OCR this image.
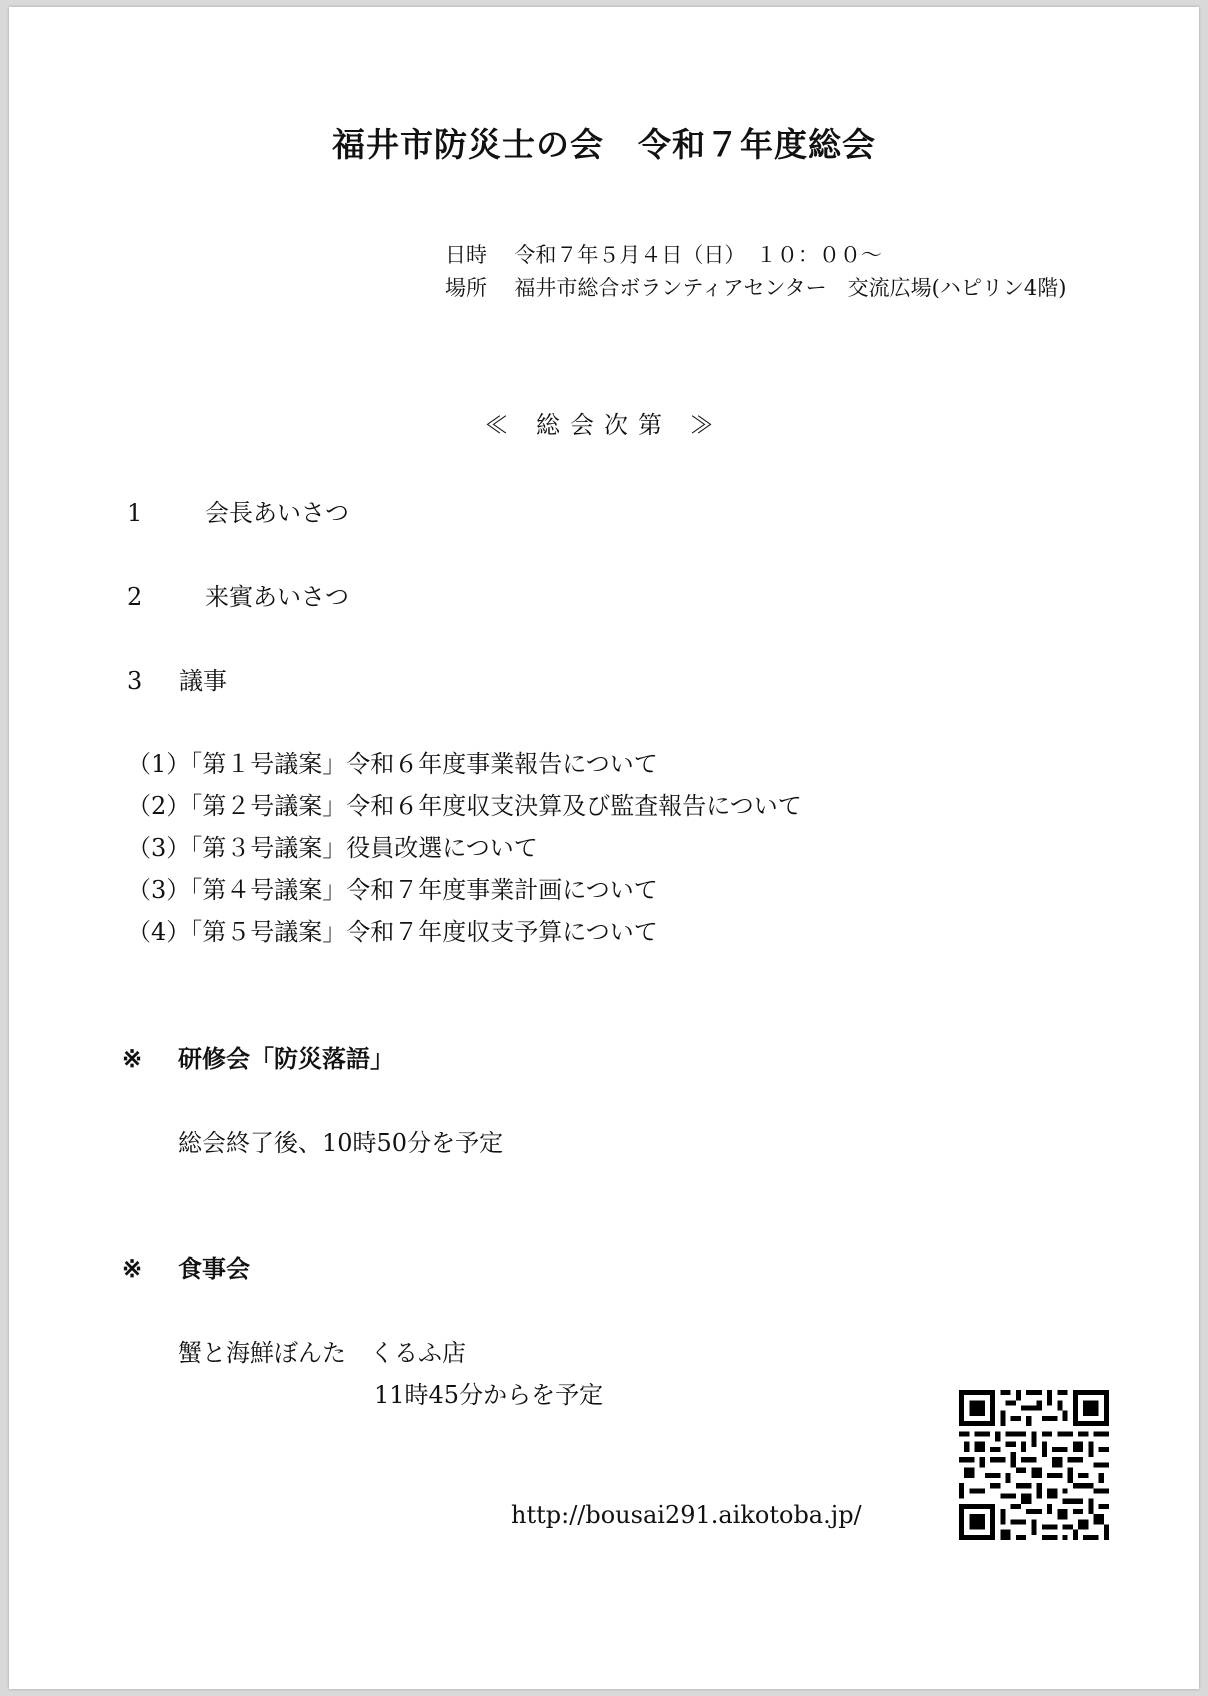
福井市防災士の会　令和７年度総会
日時 令和７年５月４日（日）　１０：００～
場所 福井市総合ボランティアセンター　交流広場(ハピリン4階)
≪ 総会次第 ≫
1	会長あいさつ
2	来賓あいさつ
3 議事
（1）「第１号議案」令和６年度事業報告について
（2）「第２号議案」令和６年度収支決算及び監査報告について
（3）「第３号議案」役員改選について
（3）「第４号議案」令和７年度事業計画について
（4）「第５号議案」令和７年度収支予算について
※ 研修会「防災落語」
総会終了後、10時50分を予定
※ 食事会
蟹と海鮮ぼんた　くるふ店
11時45分からを予定
http://bousai291.aikotoba.jp/
